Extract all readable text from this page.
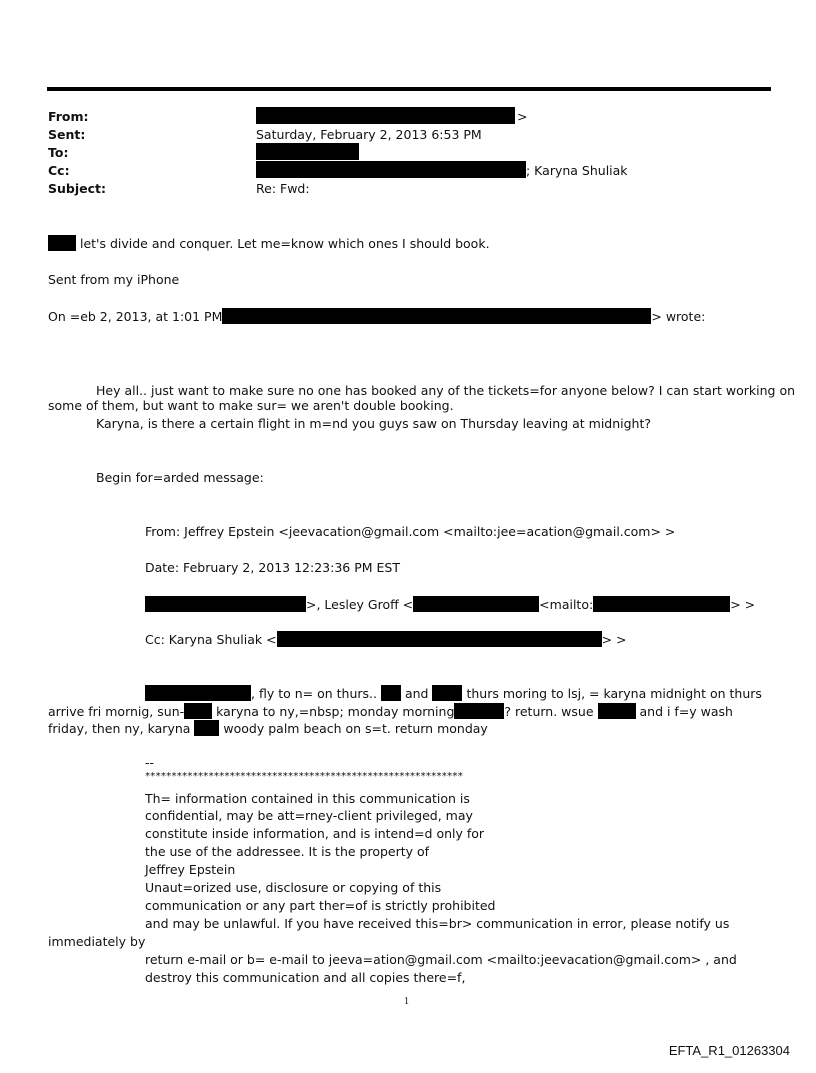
From:	>
Sent:	Saturday, February 2, 2013 6:53 PM
To:
Cc:	; Karyna Shuliak
Subject:	Re: Fwd:
let's divide and conquer. Let me=know which ones I should book.
Sent from my iPhone
On =eb 2, 2013, at 1:01 PM	> wrote:
Hey all.. just want to make sure no one has booked any of the tickets=for anyone below? I can start working on
some of them, but want to make sur= we aren't double booking.
Karyna, is there a certain flight in m=nd you guys saw on Thursday leaving at midnight?
Begin for=arded message:
From: Jeffrey Epstein <jeevacation@gmail.com <mailto:jee=acation@gmail.com> >
Date: February 2, 2013 12:23:36 PM EST
>, Lesley Groff <	<mailto:	> >
Cc: Karyna Shuliak <	> >
, fly to n= on thurs.. and	thurs moring to lsj, = karyna midnight on thurs
arrive fri mornig, sun-	karyna to ny,=nbsp; monday morning	? return. wsue	and i f=y wash
friday, then ny, karyna	woody palm beach on s=t. return monday
--
************************************************************
Th= information contained in this communication is
confidential, may be att=rney-client privileged, may
constitute inside information, and is intend=d only for
the use of the addressee. It is the property of
Jeffrey Epstein
Unaut=orized use, disclosure or copying of this
communication or any part ther=of is strictly prohibited
and may be unlawful. If you have received this=br> communication in error, please notify us
immediately by
return e-mail or b= e-mail to jeeva=ation@gmail.com <mailto:jeevacation@gmail.com> , and
destroy this communication and all copies there=f,
1
EFTA_R1_01263304
